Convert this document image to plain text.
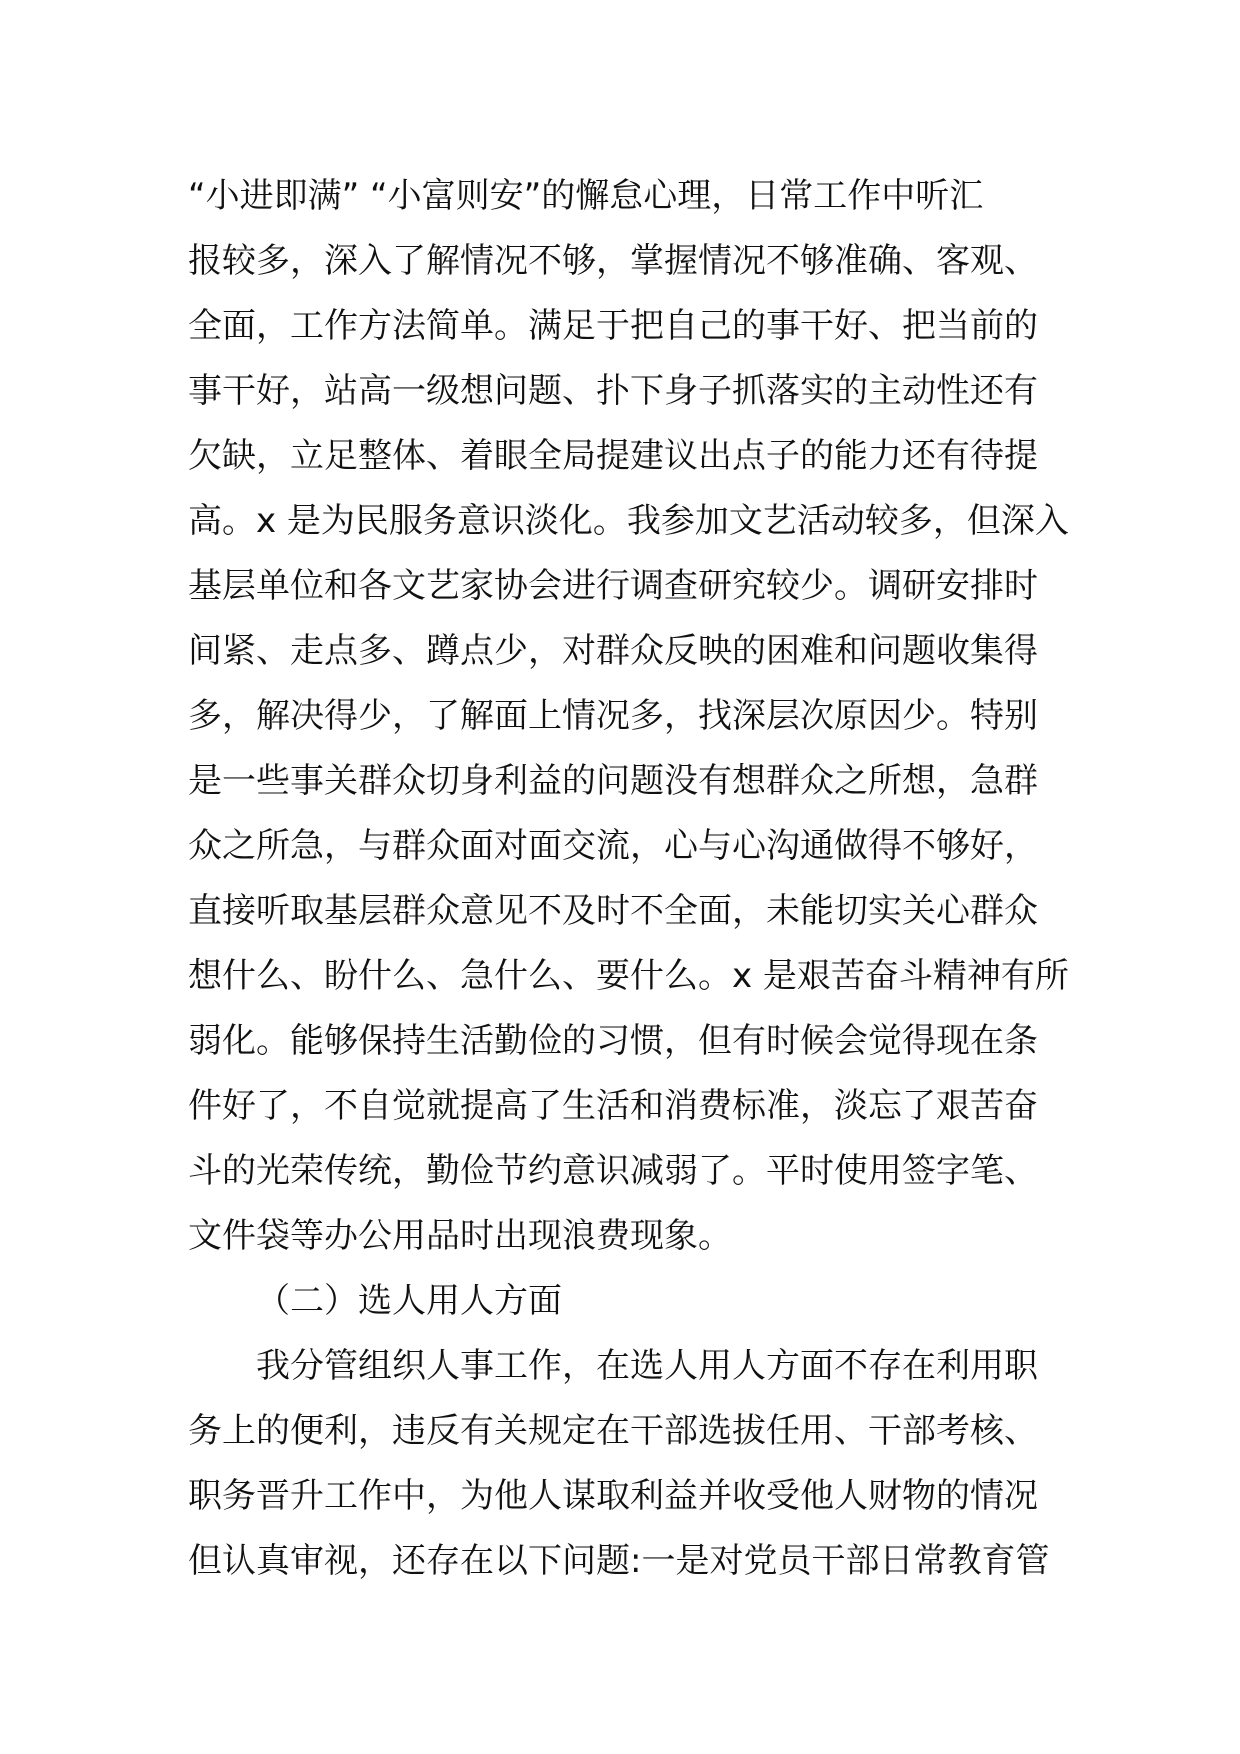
“小进即满” “小富则安”的懈怠心理，日常工作中听汇
报较多，深入了解情况不够，掌握情况不够准确、客观、
全面，工作方法简单。满足于把自己的事干好、把当前的
事干好，站高一级想问题、扑下身子抓落实的主动性还有
欠缺，立足整体、着眼全局提建议出点子的能力还有待提
高。x 是为民服务意识淡化。我参加文艺活动较多，但深入
基层单位和各文艺家协会进行调查研究较少。调研安排时
间紧、走点多、蹲点少，对群众反映的困难和问题收集得
多，解决得少，了解面上情况多，找深层次原因少。特别
是一些事关群众切身利益的问题没有想群众之所想，急群
众之所急，与群众面对面交流，心与心沟通做得不够好，
直接听取基层群众意见不及时不全面，未能切实关心群众
想什么、盼什么、急什么、要什么。x 是艰苦奋斗精神有所
弱化。能够保持生活勤俭的习惯，但有时候会觉得现在条
件好了，不自觉就提高了生活和消费标准，淡忘了艰苦奋
斗的光荣传统，勤俭节约意识减弱了。平时使用签字笔、
文件袋等办公用品时出现浪费现象。
（二）选人用人方面
我分管组织人事工作，在选人用人方面不存在利用职
务上的便利，违反有关规定在干部选拔任用、干部考核、
职务晋升工作中，为他人谋取利益并收受他人财物的情况
但认真审视，还存在以下问题:一是对党员干部日常教育管
